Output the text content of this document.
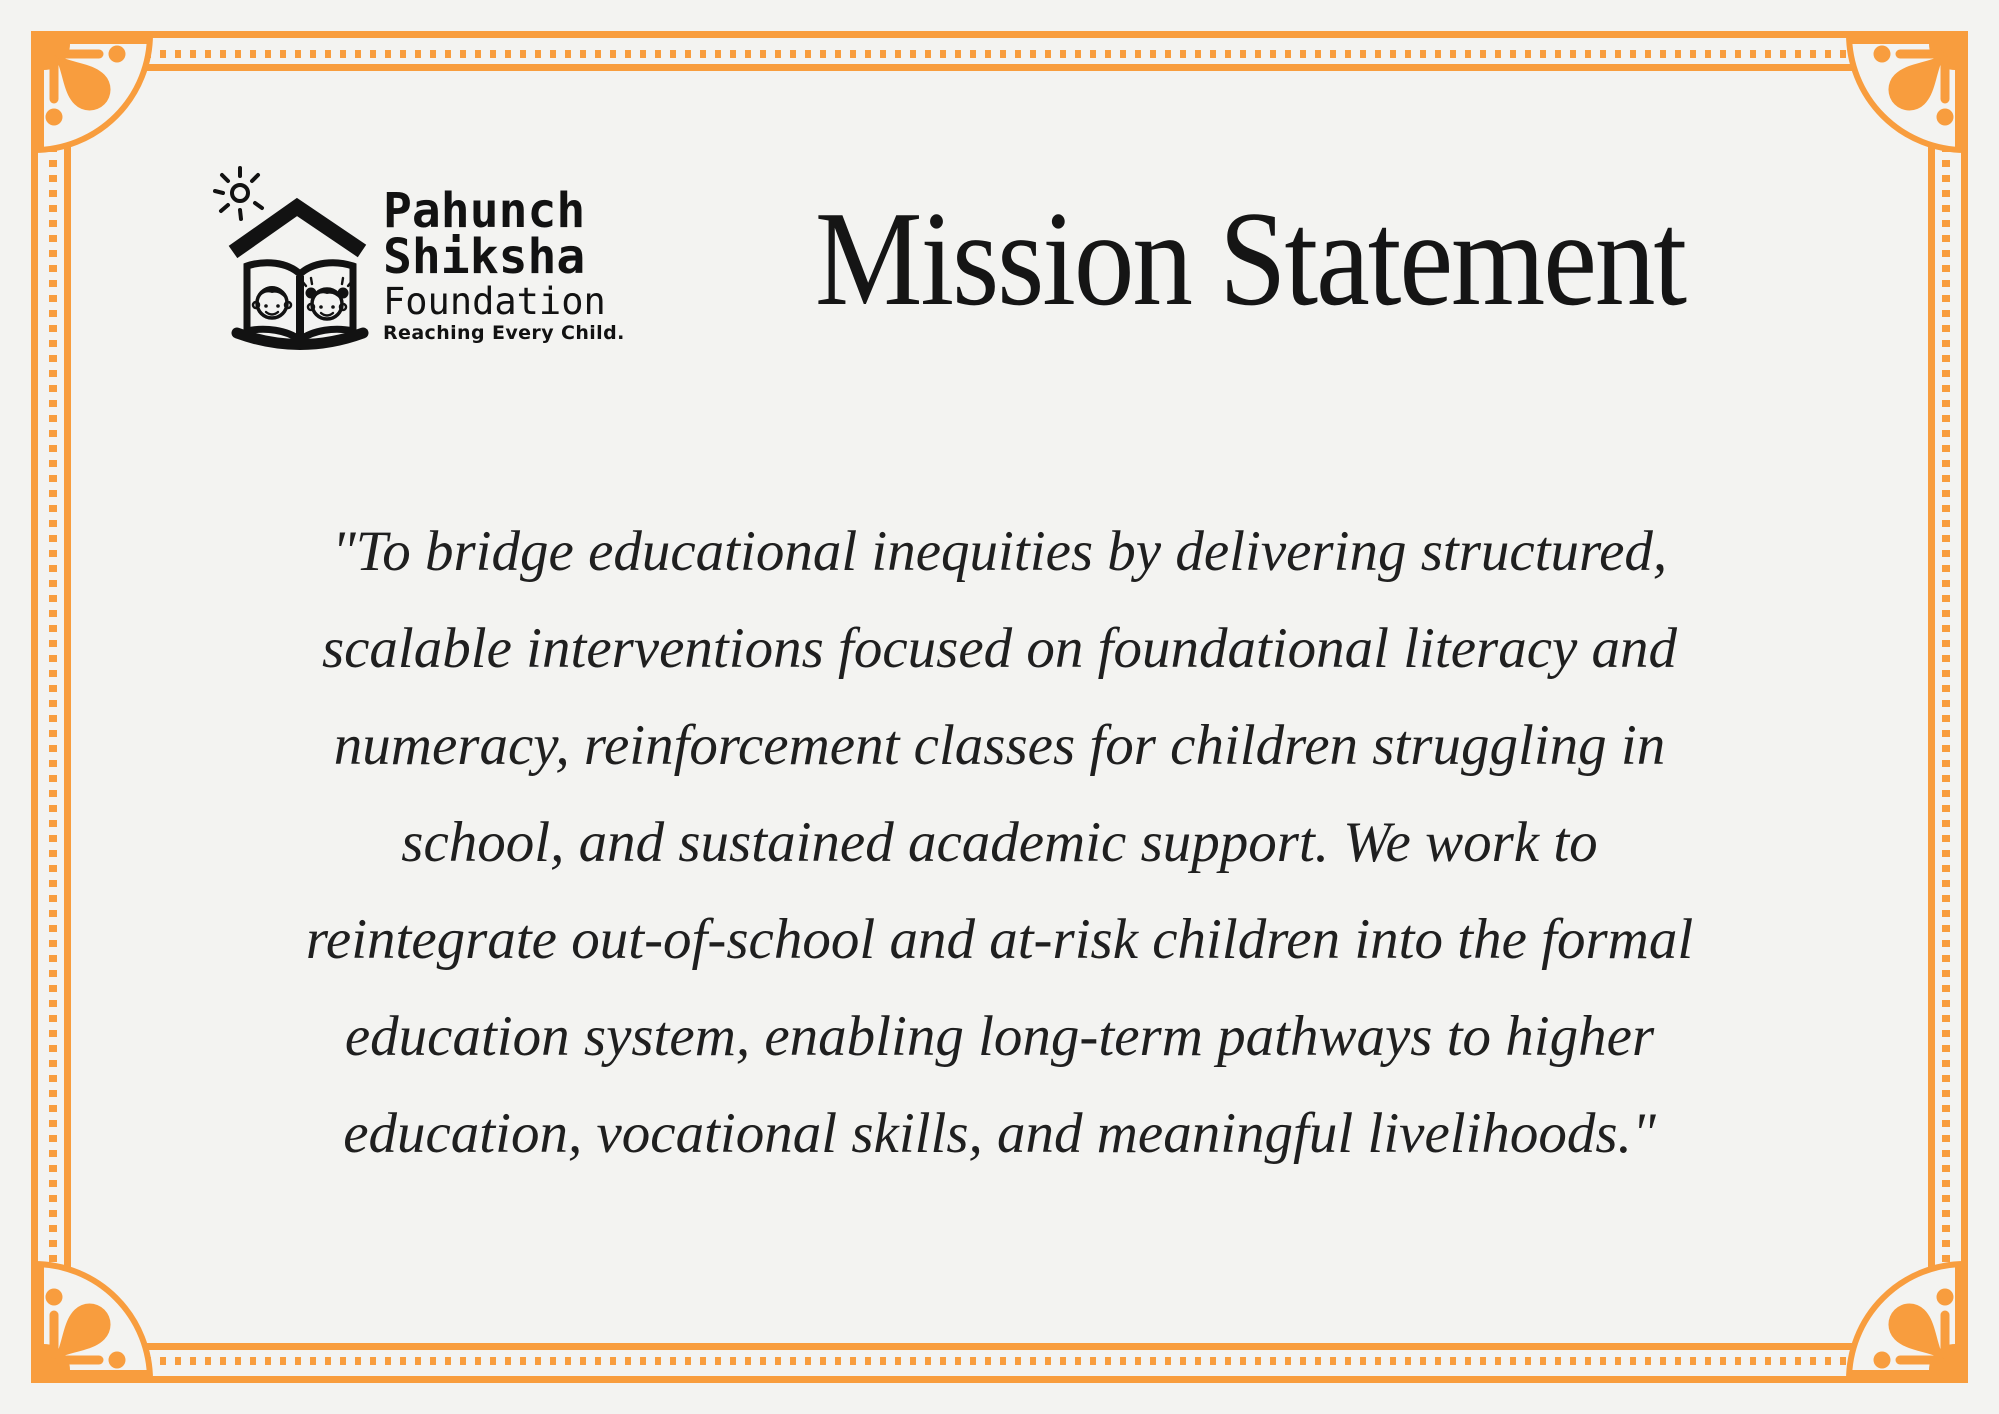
Pahunch
Shiksha
Foundation
Reaching Every Child.	Mission Statement
"To bridge educational inequities by delivering structured,
scalable interventions focused on foundational literacy and
numeracy, reinforcement classes for children struggling in
school, and sustained academic support. We work to
reintegrate out-of-school and at-risk children into the formal
education system, enabling long-term pathways to higher
education, vocational skills, and meaningful livelihoods."
